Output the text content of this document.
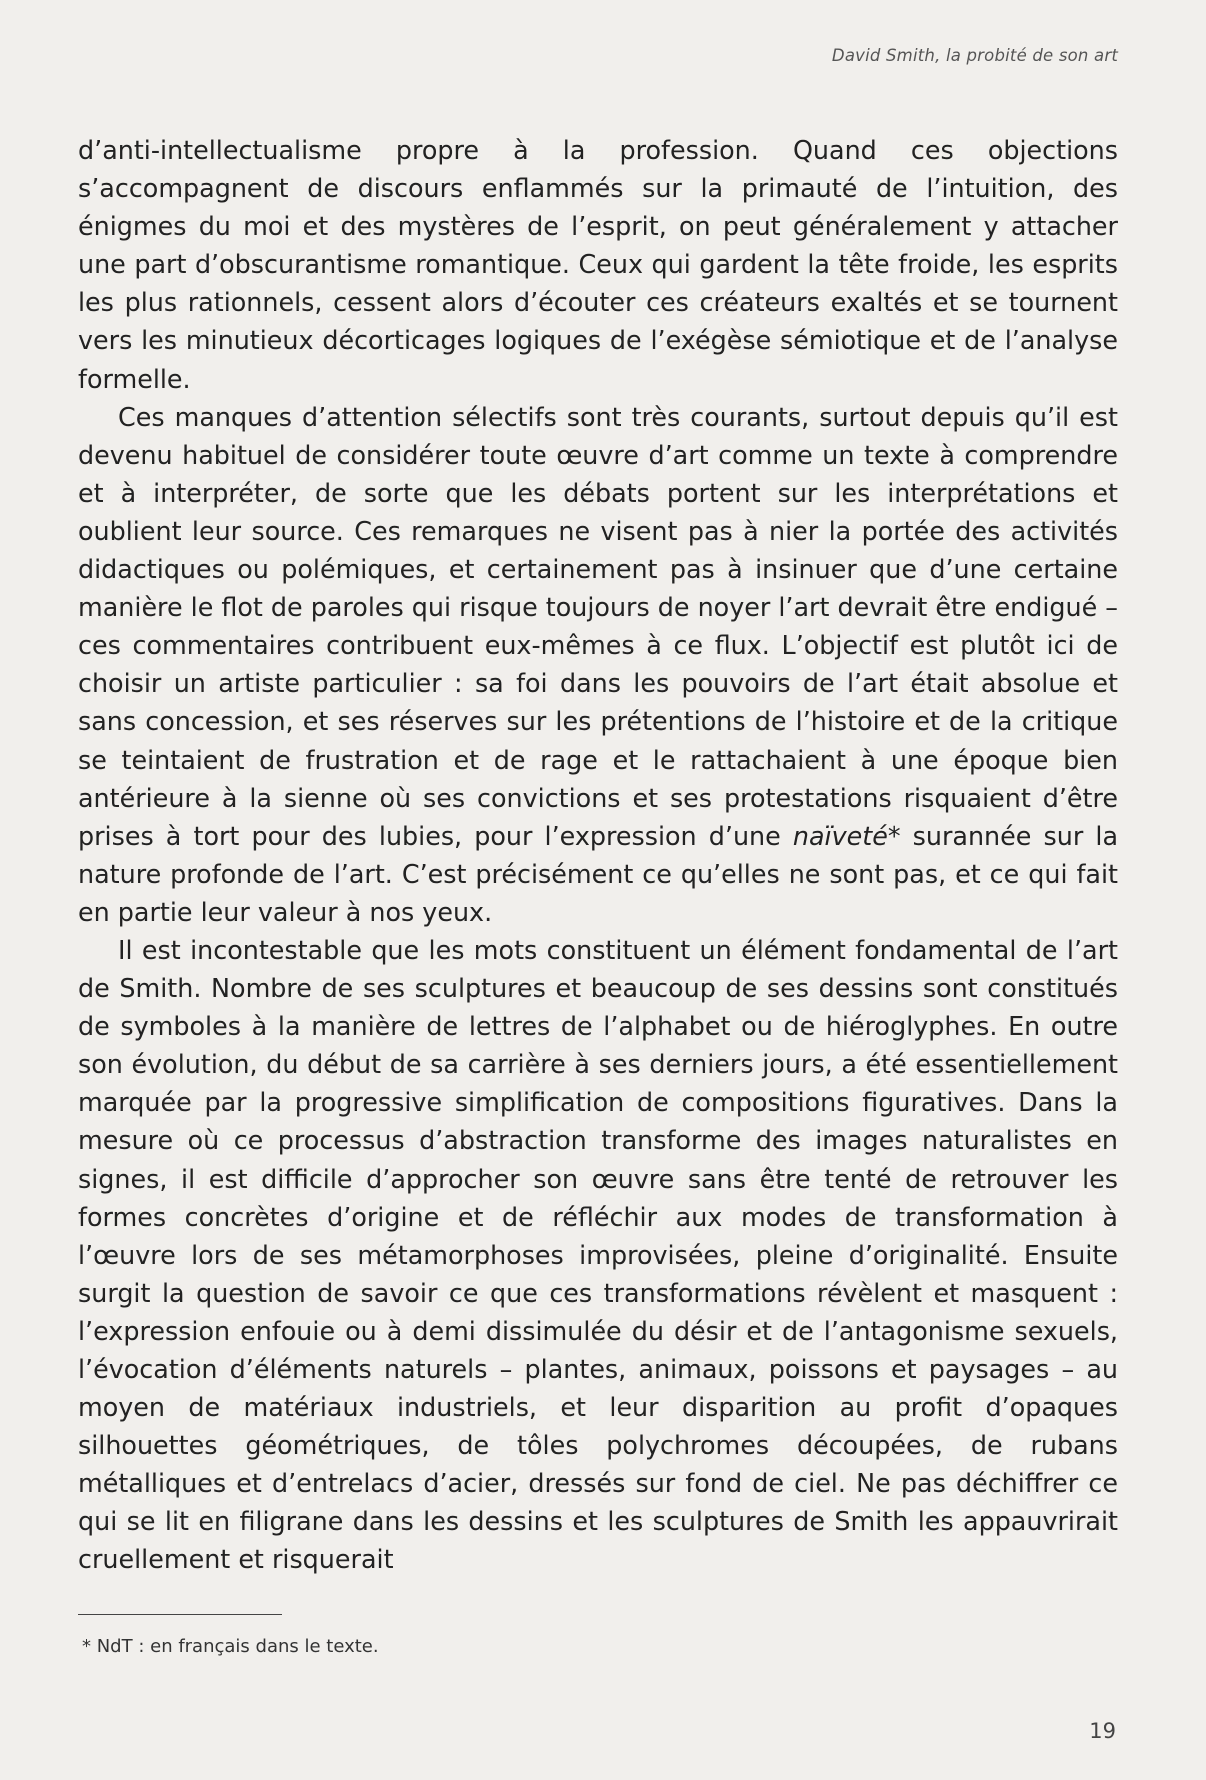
David Smith, la probité de son art

d’anti-intellectualisme propre à la profession. Quand ces objections s’accompagnent de discours enflammés sur la primauté de l’intuition, des énigmes du moi et des mystères de l’esprit, on peut généralement y attacher une part d’obscurantisme romantique. Ceux qui gardent la tête froide, les esprits les plus rationnels, cessent alors d’écouter ces créateurs exaltés et se tournent vers les minutieux décorticages logiques de l’exégèse sémiotique et de l’analyse formelle.

Ces manques d’attention sélectifs sont très courants, surtout depuis qu’il est devenu habituel de considérer toute œuvre d’art comme un texte à comprendre et à interpréter, de sorte que les débats portent sur les interprétations et oublient leur source. Ces remarques ne visent pas à nier la portée des activités didactiques ou polémiques, et certainement pas à insinuer que d’une certaine manière le flot de paroles qui risque toujours de noyer l’art devrait être endigué – ces commentaires contribuent eux-mêmes à ce flux. L’objectif est plutôt ici de choisir un artiste particulier : sa foi dans les pouvoirs de l’art était absolue et sans concession, et ses réserves sur les prétentions de l’histoire et de la critique se teintaient de frustration et de rage et le rattachaient à une époque bien antérieure à la sienne où ses convictions et ses protestations risquaient d’être prises à tort pour des lubies, pour l’expression d’une naïveté* surannée sur la nature profonde de l’art. C’est précisément ce qu’elles ne sont pas, et ce qui fait en partie leur valeur à nos yeux.

Il est incontestable que les mots constituent un élément fondamental de l’art de Smith. Nombre de ses sculptures et beaucoup de ses dessins sont constitués de symboles à la manière de lettres de l’alphabet ou de hiéroglyphes. En outre son évolution, du début de sa carrière à ses derniers jours, a été essentiellement marquée par la progressive simplification de compositions figuratives. Dans la mesure où ce processus d’abstraction transforme des images naturalistes en signes, il est difficile d’approcher son œuvre sans être tenté de retrouver les formes concrètes d’origine et de réfléchir aux modes de transformation à l’œuvre lors de ses métamorphoses improvisées, pleine d’originalité. Ensuite surgit la question de savoir ce que ces transformations révèlent et masquent : l’expression enfouie ou à demi dissimulée du désir et de l’antagonisme sexuels, l’évocation d’éléments naturels – plantes, animaux, poissons et paysages – au moyen de matériaux industriels, et leur disparition au profit d’opaques silhouettes géométriques, de tôles polychromes découpées, de rubans métalliques et d’entrelacs d’acier, dressés sur fond de ciel. Ne pas déchiffrer ce qui se lit en filigrane dans les dessins et les sculptures de Smith les appauvrirait cruellement et risquerait

* NdT : en français dans le texte.
19
